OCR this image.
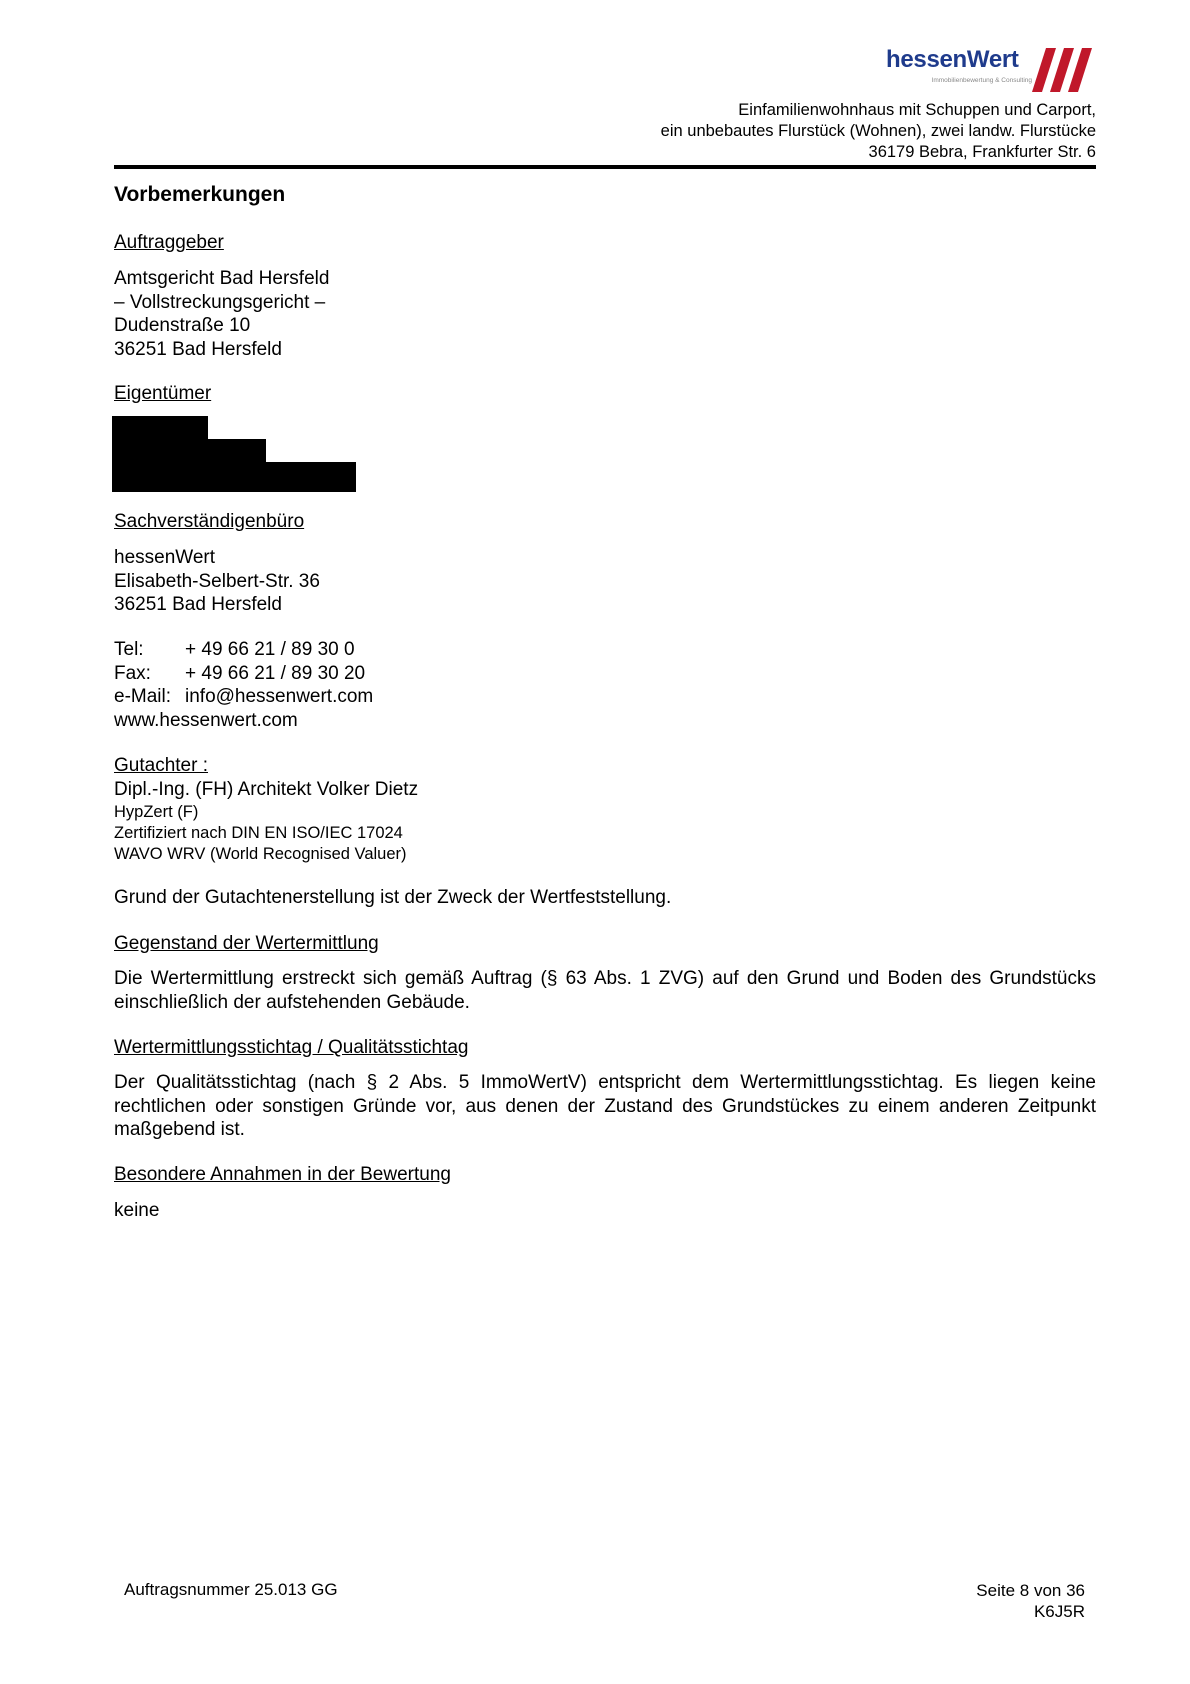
hessenWert
Immobilienbewertung & Consulting
Einfamilienwohnhaus mit Schuppen und Carport,
ein unbebautes Flurstück (Wohnen), zwei landw. Flurstücke
36179 Bebra, Frankfurter Str. 6
Vorbemerkungen
Auftraggeber
Amtsgericht Bad Hersfeld
– Vollstreckungsgericht –
Dudenstraße 10
36251 Bad Hersfeld
Eigentümer
Sachverständigenbüro
hessenWert
Elisabeth-Selbert-Str. 36
36251 Bad Hersfeld
Tel:	+ 49 66 21 / 89 30 0
Fax:	+ 49 66 21 / 89 30 20
e-Mail: info@hessenwert.com
www.hessenwert.com
Gutachter :
Dipl.-Ing. (FH) Architekt Volker Dietz
HypZert (F)
Zertifiziert nach DIN EN ISO/IEC 17024
WAVO WRV (World Recognised Valuer)
Grund der Gutachtenerstellung ist der Zweck der Wertfeststellung.
Gegenstand der Wertermittlung
Die Wertermittlung erstreckt sich gemäß Auftrag (§ 63 Abs. 1 ZVG) auf den Grund und Boden des Grundstücks einschließlich der aufstehenden Gebäude.
Wertermittlungsstichtag / Qualitätsstichtag
Der Qualitätsstichtag (nach § 2 Abs. 5 ImmoWertV) entspricht dem Wertermittlungsstichtag. Es liegen keine rechtlichen oder sonstigen Gründe vor, aus denen der Zustand des Grundstückes zu einem anderen Zeitpunkt maßgebend ist.
Besondere Annahmen in der Bewertung
keine
Auftragsnummer 25.013 GG	Seite 8 von 36
K6J5R
